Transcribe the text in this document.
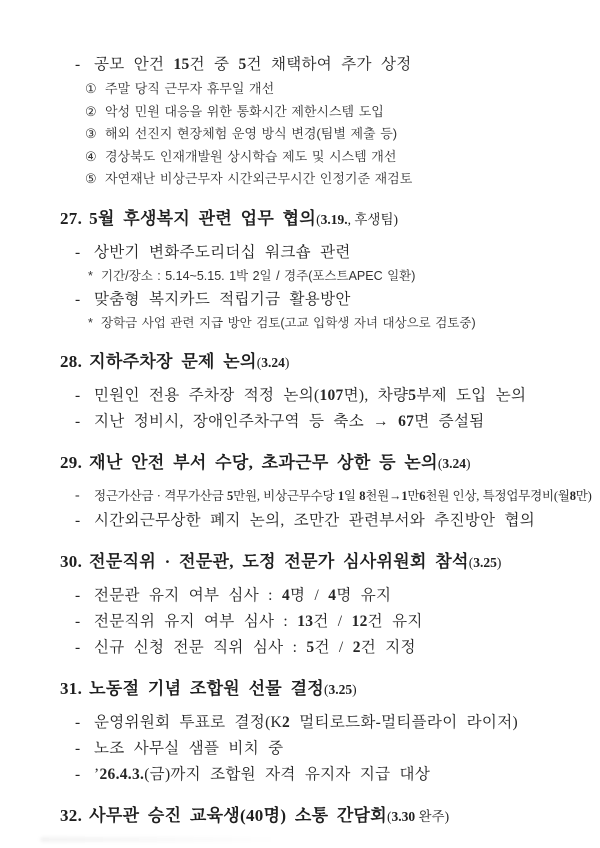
- 공모 안건 15건 중 5건 채택하여 추가 상정
① 주말 당직 근무자 휴무일 개선
② 악성 민원 대응을 위한 통화시간 제한시스템 도입
③ 해외 선진지 현장체험 운영 방식 변경(팀별 제출 등)
④ 경상북도 인재개발원 상시학습 제도 및 시스템 개선
⑤ 자연재난 비상근무자 시간외근무시간 인정기준 재검토
27. 5월 후생복지 관련 업무 협의(3.19., 후생팀)
- 상반기 변화주도리더십 워크숍 관련
* 기간/장소 : 5.14~5.15. 1박 2일 / 경주(포스트APEC 일환)
- 맞춤형 복지카드 적립기금 활용방안
* 장학금 사업 관련 지급 방안 검토(고교 입학생 자녀 대상으로 검토중)
28. 지하주차장 문제 논의(3.24)
- 민원인 전용 주차장 적정 논의(107면), 차량5부제 도입 논의
- 지난 정비시, 장애인주차구역 등 축소 → 67면 증설됨
29. 재난 안전 부서 수당, 초과근무 상한 등 논의(3.24)
-	정근가산금 · 격무가산금 5만원, 비상근무수당 1일 8천원→1만6천원 인상, 특정업무경비(월8만)
- 시간외근무상한 폐지 논의, 조만간 관련부서와 추진방안 협의
30. 전문직위 · 전문관, 도정 전문가 심사위원회 참석(3.25)
- 전문관 유지 여부 심사 : 4명 / 4명 유지
- 전문직위 유지 여부 심사 : 13건 / 12건 유지
- 신규 신청 전문 직위 심사 : 5건 / 2건 지정
31. 노동절 기념 조합원 선물 결정(3.25)
- 운영위원회 투표로 결정(K2 멀티로드화-멀티플라이 라이저)
- 노조 사무실 샘플 비치 중
- ’26.4.3.(금)까지 조합원 자격 유지자 지급 대상
32. 사무관 승진 교육생(40명) 소통 간담회(3.30 완주)
